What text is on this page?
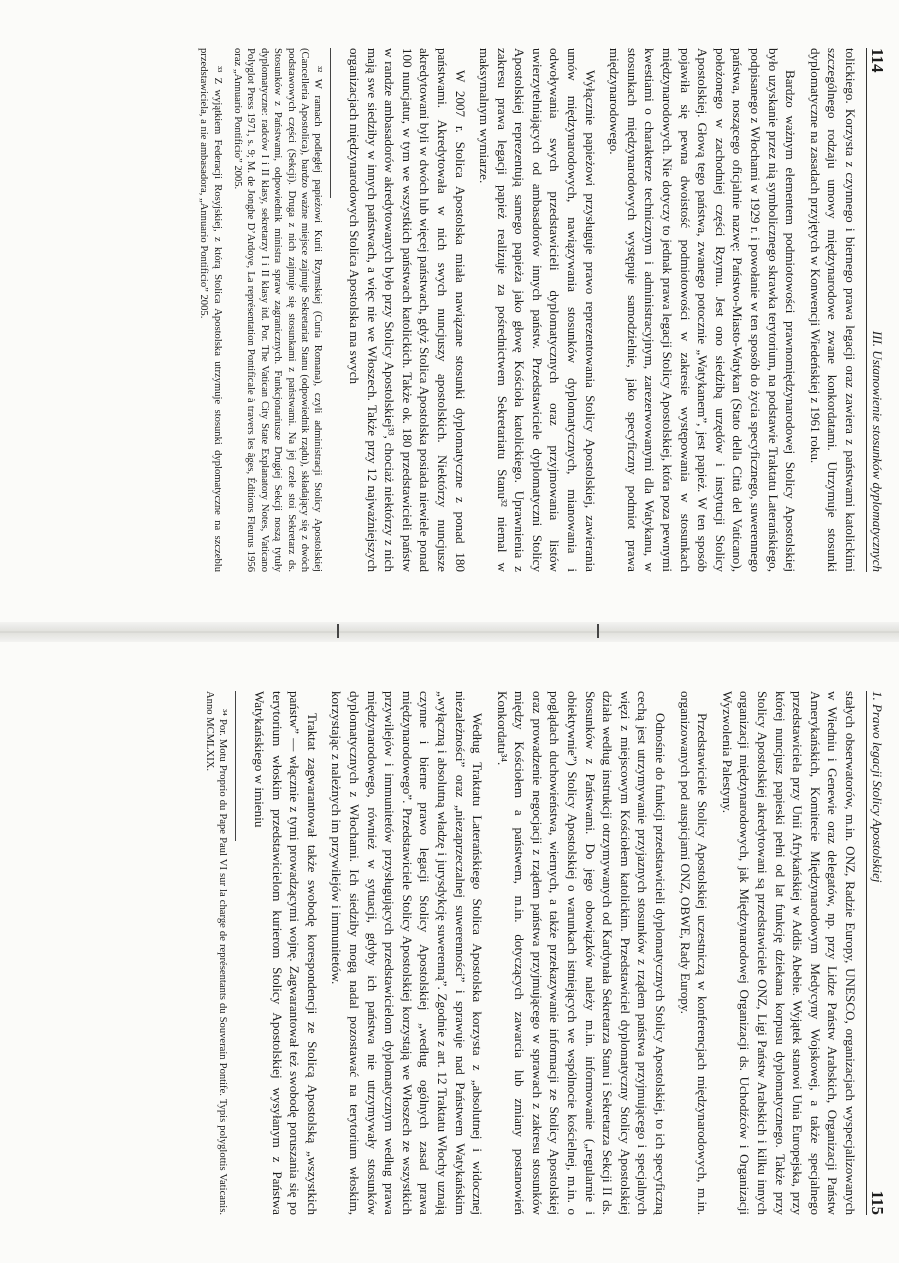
114
III. Ustanowienie stosunków dyplomatycznych

tolickiego. Korzysta z czynnego i biernego prawa legacji oraz zawiera z państwami katolickimi szczególnego rodzaju umowy międzynarodowe zwane konkordatami. Utrzymuje stosunki dyplomatyczne na zasadach przyjętych w Konwencji Wiedeńskiej z 1961 roku.

Bardzo ważnym elementem podmiotowości prawnomiędzynarodowej Stolicy Apostolskiej było uzyskanie przez nią symbolicznego skrawka terytorium, na podstawie Traktatu Laterańskiego, podpisanego z Włochami w 1929 r. i powołanie w ten sposób do życia specyficznego, suwerennego państwa, noszącego oficjalnie nazwę: Państwo-Miasto-Watykan (Stato della Città del Vaticano), położonego w zachodniej części Rzymu. Jest ono siedzibą urzędów i instytucji Stolicy Apostolskiej. Głową tego państwa, zwanego potocznie „Watykanem”, jest papież. W ten sposób pojawiła się pewna dwoistość podmiotowości w zakresie występowania w stosunkach międzynarodowych. Nie dotyczy to jednak prawa legacji Stolicy Apostolskiej, która poza pewnymi kwestiami o charakterze technicznym i administracyjnym, zarezerwowanymi dla Watykanu, w stosunkach międzynarodowych występuje samodzielnie, jako specyficzny podmiot prawa międzynarodowego.

Wyłącznie papieżowi przysługuje prawo reprezentowania Stolicy Apostolskiej, zawierania umów międzynarodowych, nawiązywania stosunków dyplomatycznych, mianowania i odwoływania swych przedstawicieli dyplomatycznych oraz przyjmowania listów uwierzytelniających od ambasadorów innych państw. Przedstawiciele dyplomatyczni Stolicy Apostolskiej reprezentują samego papieża jako głowę Kościoła katolickiego. Uprawnienia z zakresu prawa legacji papież realizuje za pośrednictwem Sekretariatu Stanu³² niemal w maksymalnym wymiarze.

W 2007 r. Stolica Apostolska miała nawiązane stosunki dyplomatyczne z ponad 180 państwami. Akredytowała w nich swych nuncjuszy apostolskich. Niektórzy nuncjusze akredytowani byli w dwóch lub więcej państwach, gdyż Stolica Apostolska posiada niewiele ponad 100 nuncjatur, w tym we wszystkich państwach katolickich. Także ok. 180 przedstawicieli państw w randze ambasadorów akredytowanych było przy Stolicy Apostolskiej³³, chociaż niektórzy z nich mają swe siedziby w innych państwach, a więc nie we Włoszech. Także przy 12 najważniejszych organizacjach międzynarodowych Stolica Apostolska ma swych

³² W ramach podległej papieżowi Kurii Rzymskiej (Curia Romana), czyli administracji Stolicy Apostolskiej (Cancelleria Apostolica), bardzo ważne miejsce zajmuje Sekretariat Stanu (odpowiednik rządu), składający się z dwóch podstawowych części (Sekcji). Druga z nich zajmuje się stosunkami z państwami. Na jej czele stoi Sekretarz ds. Stosunków z Państwami, odpowiednik ministra spraw zagranicznych. Funkcjonariusze Drugiej Sekcji noszą tytuły dyplomatyczne: radców I i II klasy, sekretarzy I i II klasy itd. Por. The Vatican City State Explanatory Notes, Vaticano Polyglot Press 1971, s. 9; M. de Jonghe D’Ardoye, La représentation Pontificale à travers les âges, Éditions Fleurus 1956 oraz „Annuario Pontificio” 2005.

³³ Z wyjątkiem Federacji Rosyjskiej, z którą Stolica Apostolska utrzymuje stosunki dyplomatyczne na szczeblu przedstawiciela, a nie ambasadora, „Annuario Pontificio” 2005.

1. Prawo legacji Stolicy Apostolskiej
115

stałych obserwatorów, m.in. ONZ, Radzie Europy, UNESCO, organizacjach wyspecjalizowanych w Wiedniu i Genewie oraz delegatów, np. przy Lidze Państw Arabskich, Organizacji Państw Amerykańskich, Komitecie Międzynarodowym Medycyny Wojskowej, a także specjalnego przedstawiciela przy Unii Afrykańskiej w Addis Abebie. Wyjątek stanowi Unia Europejska, przy której nuncjusz papieski pełni od lat funkcję dziekana korpusu dyplomatycznego. Także przy Stolicy Apostolskiej akredytowani są przedstawiciele ONZ, Ligi Państw Arabskich i kilku innych organizacji międzynarodowych, jak Międzynarodowej Organizacji ds. Uchodźców i Organizacji Wyzwolenia Palestyny.

Przedstawiciele Stolicy Apostolskiej uczestniczą w konferencjach międzynarodowych, m.in. organizowanych pod auspicjami ONZ, OBWE, Rady Europy.

Odnośnie do funkcji przedstawicieli dyplomatycznych Stolicy Apostolskiej, to ich specyficzną cechą jest utrzymywanie przyjaznych stosunków z rządem państwa przyjmującego i specjalnych więzi z miejscowym Kościołem katolickim. Przedstawiciel dyplomatyczny Stolicy Apostolskiej działa według instrukcji otrzymywanych od Kardynała Sekretarza Stanu i Sekretarza Sekcji II ds. Stosunków z Państwami. Do jego obowiązków należy m.in. informowanie („regularnie i obiektywnie”) Stolicy Apostolskiej o warunkach istniejących we wspólnocie kościelnej, m.in. o poglądach duchowieństwa, wiernych, a także przekazywanie informacji ze Stolicy Apostolskiej oraz prowadzenie negocjacji z rządem państwa przyjmującego w sprawach z zakresu stosunków między Kościołem a państwem, m.in. dotyczących zawarcia lub zmiany postanowień Konkordatu³⁴.

Według Traktatu Laterańskiego Stolica Apostolska korzysta z „absolutnej i widocznej niezależności” oraz „niezaprzeczalnej suwerenności” i sprawuje nad Państwem Watykańskim „wyłączną i absolutną władzę i jurysdykcję suwerenną”. Zgodnie z art. 12 Traktatu Włochy uznają czynne i bierne prawo legacji Stolicy Apostolskiej „według ogólnych zasad prawa międzynarodowego”. Przedstawiciele Stolicy Apostolskiej korzystają we Włoszech ze wszystkich przywilejów i immunitetów przysługujących przedstawicielom dyplomatycznym według prawa międzynarodowego, również w sytuacji, gdyby ich państwa nie utrzymywały stosunków dyplomatycznych z Włochami. Ich siedziby mogą nadal pozostawać na terytorium włoskim, korzystając z należnych im przywilejów i immunitetów.

Traktat zagwarantował także swobodę korespondencji ze Stolicą Apostolską „wszystkich państw” — włącznie z tymi prowadzącymi wojnę. Zagwarantował też swobodę poruszania się po terytorium włoskim przedstawicielom kurierom Stolicy Apostolskiej wysyłanym z Państwa Watykańskiego w imieniu

³⁴ Por. Motu Proprio du Pape Paul VI sur la charge de représentants du Souverain Pontife. Typis polyglottis Vaticanis. Anno MCMLXIX.
